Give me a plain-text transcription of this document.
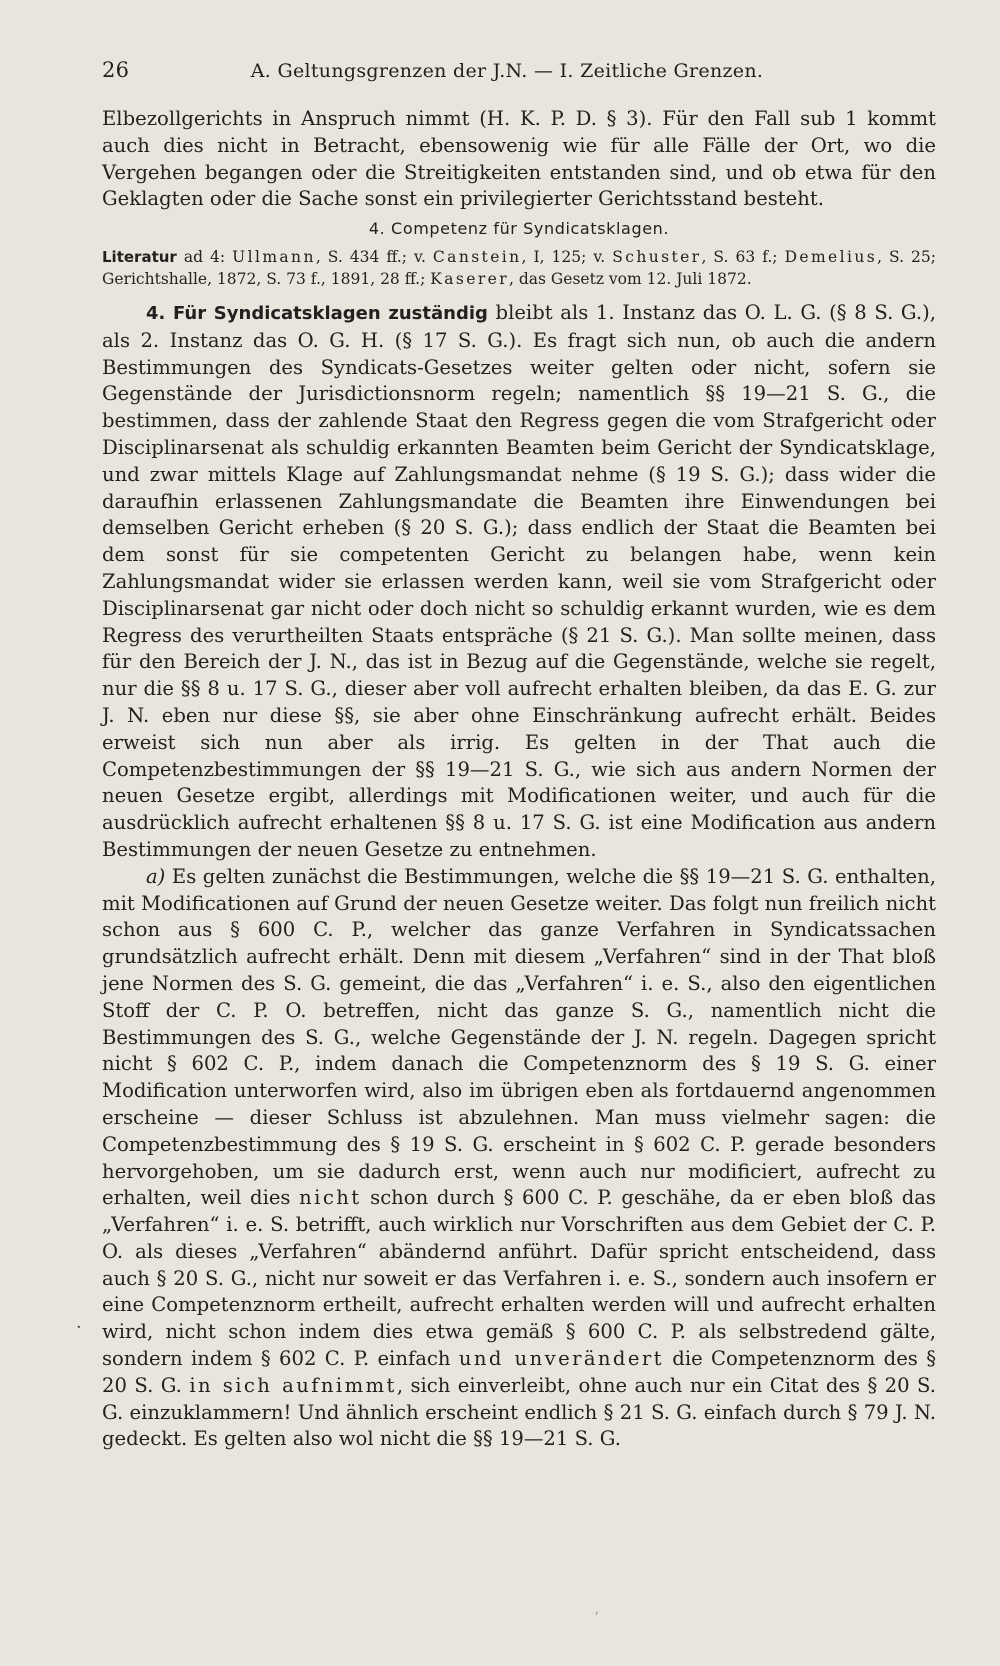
26	A. Geltungsgrenzen der J.N. — I. Zeitliche Grenzen.

Elbezollgerichts in Anspruch nimmt (H. K. P. D. § 3). Für den Fall sub 1 kommt auch dies nicht in Betracht, ebensowenig wie für alle Fälle der Ort, wo die Vergehen begangen oder die Streitigkeiten entstanden sind, und ob etwa für den Geklagten oder die Sache sonst ein privilegierter Gerichtsstand besteht.

4. Competenz für Syndicatsklagen.

Literatur ad 4: Ullmann, S. 434 ff.; v. Canstein, I, 125; v. Schuster, S. 63 f.; Demelius, S. 25; Gerichtshalle, 1872, S. 73 f., 1891, 28 ff.; Kaserer, das Gesetz vom 12. Juli 1872.

4. Für Syndicatsklagen zuständig bleibt als 1. Instanz das O. L. G. (§ 8 S. G.), als 2. Instanz das O. G. H. (§ 17 S. G.). Es fragt sich nun, ob auch die andern Bestimmungen des Syndicats-Gesetzes weiter gelten oder nicht, sofern sie Gegenstände der Jurisdictionsnorm regeln; namentlich §§ 19—21 S. G., die bestimmen, dass der zahlende Staat den Regress gegen die vom Strafgericht oder Disciplinarsenat als schuldig erkannten Beamten beim Gericht der Syndicatsklage, und zwar mittels Klage auf Zahlungsmandat nehme (§ 19 S. G.); dass wider die daraufhin erlassenen Zahlungsmandate die Beamten ihre Einwendungen bei demselben Gericht erheben (§ 20 S. G.); dass endlich der Staat die Beamten bei dem sonst für sie competenten Gericht zu belangen habe, wenn kein Zahlungsmandat wider sie erlassen werden kann, weil sie vom Strafgericht oder Disciplinarsenat gar nicht oder doch nicht so schuldig erkannt wurden, wie es dem Regress des verurtheilten Staats entspräche (§ 21 S. G.). Man sollte meinen, dass für den Bereich der J. N., das ist in Bezug auf die Gegenstände, welche sie regelt, nur die §§ 8 u. 17 S. G., dieser aber voll aufrecht erhalten bleiben, da das E. G. zur J. N. eben nur diese §§, sie aber ohne Einschränkung aufrecht erhält. Beides erweist sich nun aber als irrig. Es gelten in der That auch die Competenzbestimmungen der §§ 19—21 S. G., wie sich aus andern Normen der neuen Gesetze ergibt, allerdings mit Modificationen weiter, und auch für die ausdrücklich aufrecht erhaltenen §§ 8 u. 17 S. G. ist eine Modification aus andern Bestimmungen der neuen Gesetze zu entnehmen.

a) Es gelten zunächst die Bestimmungen, welche die §§ 19—21 S. G. enthalten, mit Modificationen auf Grund der neuen Gesetze weiter. Das folgt nun freilich nicht schon aus § 600 C. P., welcher das ganze Verfahren in Syndicatssachen grundsätzlich aufrecht erhält. Denn mit diesem „Verfahren“ sind in der That bloß jene Normen des S. G. gemeint, die das „Verfahren“ i. e. S., also den eigentlichen Stoff der C. P. O. betreffen, nicht das ganze S. G., namentlich nicht die Bestimmungen des S. G., welche Gegenstände der J. N. regeln. Dagegen spricht nicht § 602 C. P., indem danach die Competenznorm des § 19 S. G. einer Modification unterworfen wird, also im übrigen eben als fortdauernd angenommen erscheine — dieser Schluss ist abzulehnen. Man muss vielmehr sagen: die Competenzbestimmung des § 19 S. G. erscheint in § 602 C. P. gerade besonders hervorgehoben, um sie dadurch erst, wenn auch nur modificiert, aufrecht zu erhalten, weil dies nicht schon durch § 600 C. P. geschähe, da er eben bloß das „Verfahren“ i. e. S. betrifft, auch wirklich nur Vorschriften aus dem Gebiet der C. P. O. als dieses „Verfahren“ abändernd anführt. Dafür spricht entscheidend, dass auch § 20 S. G., nicht nur soweit er das Verfahren i. e. S., sondern auch insofern er eine Competenznorm ertheilt, aufrecht erhalten werden will und aufrecht erhalten wird, nicht schon indem dies etwa gemäß § 600 C. P. als selbstredend gälte, sondern indem § 602 C. P. einfach und unverändert die Competenznorm des § 20 S. G. in sich aufnimmt, sich einverleibt, ohne auch nur ein Citat des § 20 S. G. einzuklammern! Und ähnlich erscheint endlich § 21 S. G. einfach durch § 79 J. N. gedeckt. Es gelten also wol nicht die §§ 19—21 S. G.

·
ʼ
